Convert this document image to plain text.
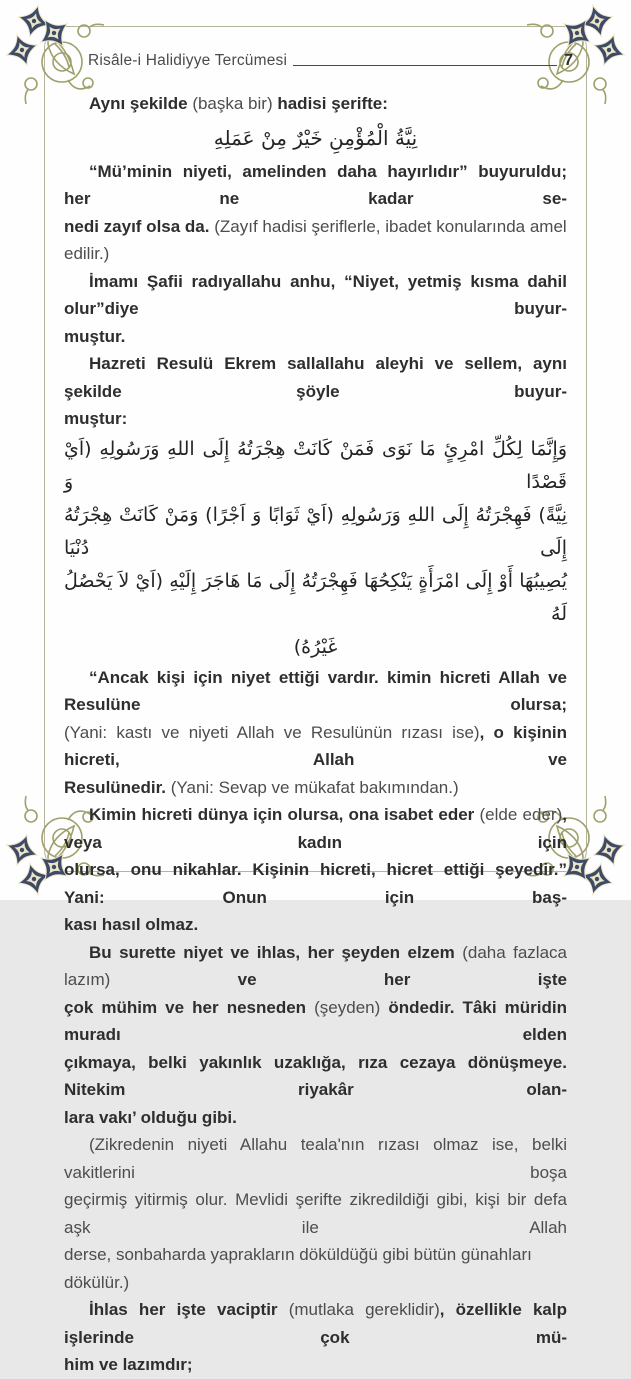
Risâle-i Halidiyye Tercümesi	7
Aynı şekilde (başka bir) hadisi şerifte:
نِيَّةُ الْمُؤْمِنِ خَيْرٌ مِنْ عَمَلِهِ
“Mü’minin niyeti, amelinden daha hayırlıdır” buyuruldu; her ne kadar se-
nedi zayıf olsa da. (Zayıf hadisi şeriflerle, ibadet konularında amel edilir.)
İmamı Şafii radıyallahu anhu, “Niyet, yetmiş kısma dahil olur”diye buyur-
muştur.
Hazreti Resulü Ekrem sallallahu aleyhi ve sellem, aynı şekilde şöyle buyur-
muştur:
وَإِنَّمَا لِكُلِّ امْرِئٍ مَا نَوَى فَمَنْ كَانَتْ هِجْرَتُهُ إِلَى اللهِ وَرَسُولِهِ (اَيْ قَصْدًا وَ
نِيَّةً) فَهِجْرَتُهُ إِلَى اللهِ وَرَسُولِهِ (اَيْ ثَوَابًا وَ اَجْرًا) وَمَنْ كَانَتْ هِجْرَتُهُ إِلَى دُنْيَا
يُصِيبُهَا أَوْ إِلَى امْرَأَةٍ يَنْكِحُهَا فَهِجْرَتُهُ إِلَى مَا هَاجَرَ إِلَيْهِ (اَيْ لاَ يَحْصُلُ لَهُ
غَيْرُهُ)
“Ancak kişi için niyet ettiği vardır. kimin hicreti Allah ve Resulüne olursa;
(Yani: kastı ve niyeti Allah ve Resulünün rızası ise), o kişinin hicreti, Allah ve
Resulünedir. (Yani: Sevap ve mükafat bakımından.)
Kimin hicreti dünya için olursa, ona isabet eder (elde eder), veya kadın için
olursa, onu nikahlar. Kişinin hicreti, hicret ettiği şeyedir.” Yani: Onun için baş-
kası hasıl olmaz.
Bu surette niyet ve ihlas, her şeyden elzem (daha fazlaca lazım) ve her işte
çok mühim ve her nesneden (şeyden) öndedir. Tâki müridin muradı elden
çıkmaya, belki yakınlık uzaklığa, rıza cezaya dönüşmeye. Nitekim riyakâr olan-
lara vakı’ olduğu gibi.
(Zikredenin niyeti Allahu teala'nın rızası olmaz ise, belki vakitlerini boşa
geçirmiş yitirmiş olur. Mevlidi şerifte zikredildiği gibi, kişi bir defa aşk ile Allah
derse, sonbaharda yaprakların döküldüğü gibi bütün günahları dökülür.)
İhlas her işte vaciptir (mutlaka gereklidir), özellikle kalp işlerinde çok mü-
him ve lazımdır;
